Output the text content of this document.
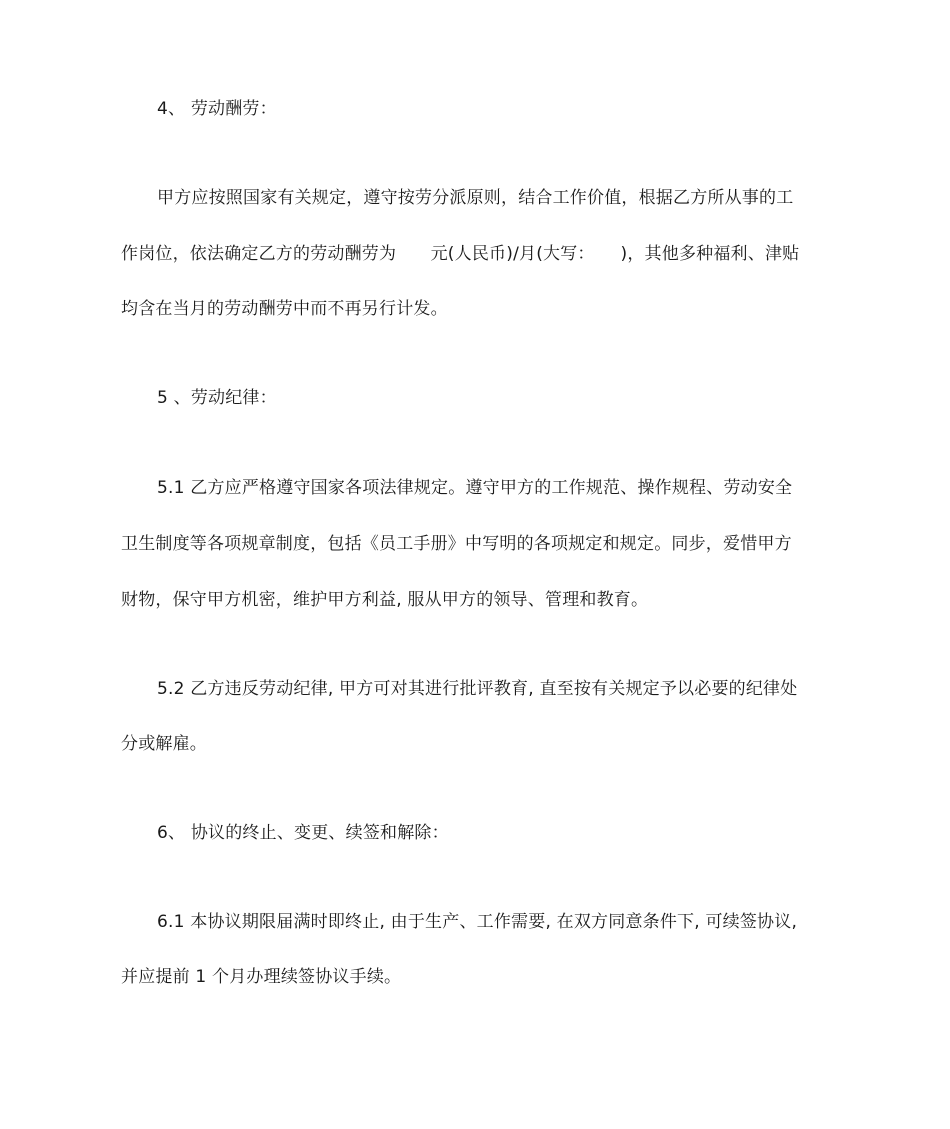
4、 劳动酬劳：
甲方应按照国家有关规定，遵守按劳分派原则，结合工作价值，根据乙方所从事的工
作岗位，依法确定乙方的劳动酬劳为　　元(人民币)/月(大写：　　)，其他多种福利、津贴
均含在当月的劳动酬劳中而不再另行计发。
5 、劳动纪律：
5.1 乙方应严格遵守国家各项法律规定。遵守甲方的工作规范、操作规程、劳动安全
卫生制度等各项规章制度，包括《员工手册》中写明的各项规定和规定。同步，爱惜甲方
财物，保守甲方机密，维护甲方利益, 服从甲方的领导、管理和教育。
5.2 乙方违反劳动纪律, 甲方可对其进行批评教育, 直至按有关规定予以必要的纪律处
分或解雇。
6、 协议的终止、变更、续签和解除：
6.1 本协议期限届满时即终止, 由于生产、工作需要, 在双方同意条件下, 可续签协议,
并应提前 1 个月办理续签协议手续。
